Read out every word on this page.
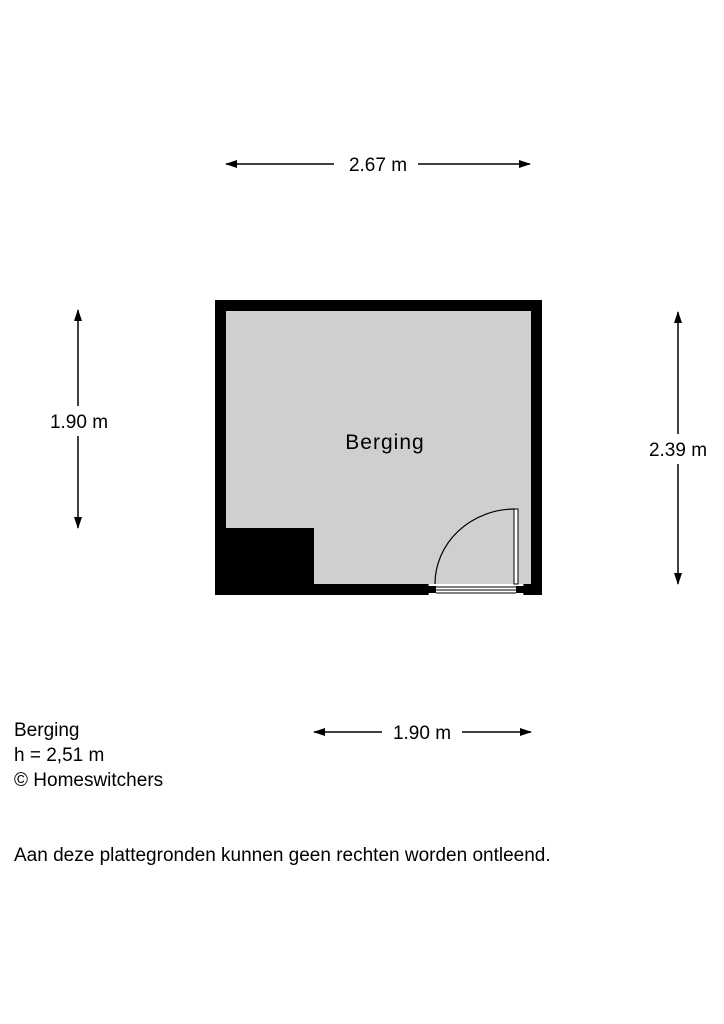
2.67 m
1.90 m
2.39 m
Berging
1.90 m
Berging
h = 2,51 m
© Homeswitchers
Aan deze plattegronden kunnen geen rechten worden ontleend.
